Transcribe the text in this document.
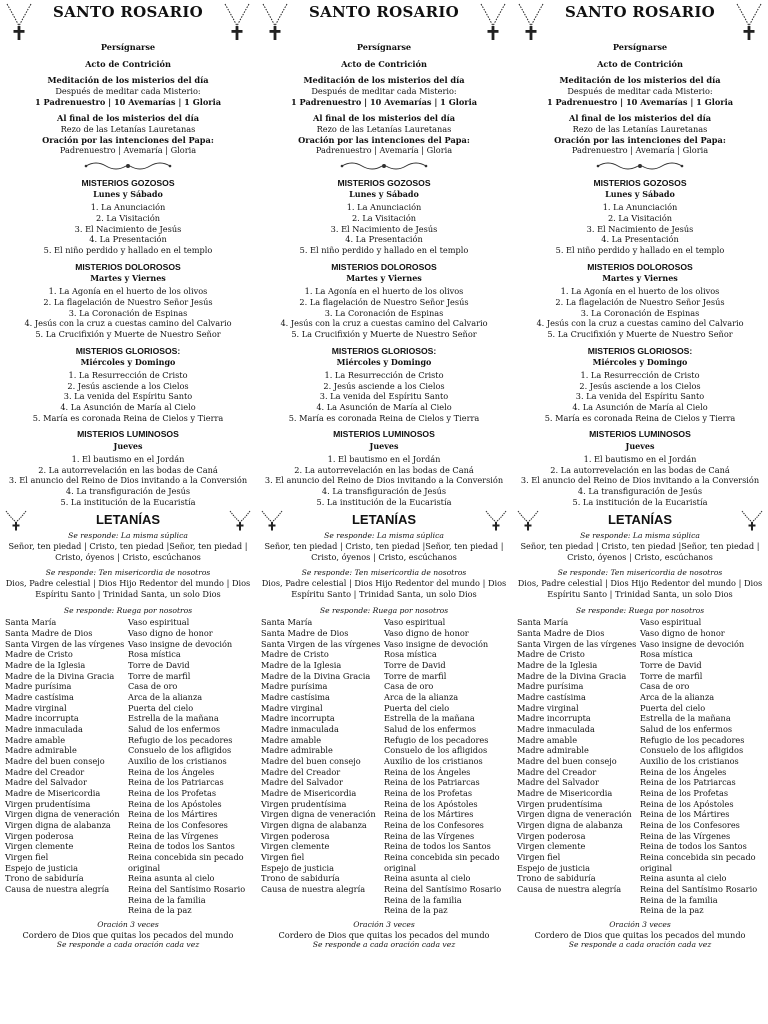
SANTO ROSARIO
Persígnarse
Acto de Contrición
Meditación de los misterios del día
Después de meditar cada Misterio:
1 Padrenuestro | 10 Avemarías | 1 Gloria
Al final de los misterios del día
Rezo de las Letanías Lauretanas
Oración por las intenciones del Papa:
Padrenuestro | Avemaría | Gloria
MISTERIOS GOZOSOS
Lunes y Sábado
1. La Anunciación
2. La Visitación
3. El Nacimiento de Jesús
4. La Presentación
5. El niño perdido y hallado en el templo
MISTERIOS DOLOROSOS
Martes y Viernes
1. La Agonía en el huerto de los olivos
2. La flagelación de Nuestro Señor Jesús
3. La Coronación de Espinas
4. Jesús con la cruz a cuestas camino del Calvario
5. La Crucifixión y Muerte de Nuestro Señor
MISTERIOS GLORIOSOS:
Miércoles y Domingo
1. La Resurrección de Cristo
2. Jesús asciende a los Cielos
3. La venida del Espíritu Santo
4. La Asunción de María al Cielo
5. María es coronada Reina de Cielos y Tierra
MISTERIOS LUMINOSOS
Jueves
1. El bautismo en el Jordán
2. La autorrevelación en las bodas de Caná
3. El anuncio del Reino de Dios invitando a la Conversión
4. La transfiguración de Jesús
5. La institución de la Eucaristía
LETANÍAS
Se responde: La misma súplica
Señor, ten piedad | Cristo, ten piedad |Señor, ten piedad | Cristo, óyenos | Cristo, escúchanos
Se responde: Ten misericordia de nosotros
Dios, Padre celestial | Dios Hijo Redentor del mundo | Dios Espíritu Santo | Trinidad Santa, un solo Dios
Se responde: Ruega por nosotros
Santa María
Santa Madre de Dios
Santa Virgen de las vírgenes
Madre de Cristo
Madre de la Iglesia
Madre de la Divina Gracia
Madre purísima
Madre castísima
Madre virginal
Madre incorrupta
Madre inmaculada
Madre amable
Madre admirable
Madre del buen consejo
Madre del Creador
Madre del Salvador
Madre de Misericordia
Virgen prudentísima
Virgen digna de veneración
Virgen digna de alabanza
Virgen poderosa
Virgen clemente
Virgen fiel
Espejo de justicia
Trono de sabiduría
Causa de nuestra alegría
Vaso espiritual
Vaso digno de honor
Vaso insigne de devoción
Rosa mística
Torre de David
Torre de marfil
Casa de oro
Arca de la alianza
Puerta del cielo
Estrella de la mañana
Salud de los enfermos
Refugio de los pecadores
Consuelo de los afligidos
Auxilio de los cristianos
Reina de los Ángeles
Reina de los Patriarcas
Reina de los Profetas
Reina de los Apóstoles
Reina de los Mártires
Reina de los Confesores
Reina de las Vírgenes
Reina de todos los Santos
Reina concebida sin pecado original
Reina asunta al cielo
Reina del Santísimo Rosario
Reina de la familia
Reina de la paz
Oración 3 veces
Cordero de Dios que quitas los pecados del mundo
Se responde a cada oración cada vez
SANTO ROSARIO
Persígnarse
Acto de Contrición
Meditación de los misterios del día
Después de meditar cada Misterio:
1 Padrenuestro | 10 Avemarías | 1 Gloria
Al final de los misterios del día
Rezo de las Letanías Lauretanas
Oración por las intenciones del Papa:
Padrenuestro | Avemaría | Gloria
MISTERIOS GOZOSOS
Lunes y Sábado
1. La Anunciación
2. La Visitación
3. El Nacimiento de Jesús
4. La Presentación
5. El niño perdido y hallado en el templo
MISTERIOS DOLOROSOS
Martes y Viernes
1. La Agonía en el huerto de los olivos
2. La flagelación de Nuestro Señor Jesús
3. La Coronación de Espinas
4. Jesús con la cruz a cuestas camino del Calvario
5. La Crucifixión y Muerte de Nuestro Señor
MISTERIOS GLORIOSOS:
Miércoles y Domingo
1. La Resurrección de Cristo
2. Jesús asciende a los Cielos
3. La venida del Espíritu Santo
4. La Asunción de María al Cielo
5. María es coronada Reina de Cielos y Tierra
MISTERIOS LUMINOSOS
Jueves
1. El bautismo en el Jordán
2. La autorrevelación en las bodas de Caná
3. El anuncio del Reino de Dios invitando a la Conversión
4. La transfiguración de Jesús
5. La institución de la Eucaristía
LETANÍAS
Se responde: La misma súplica
Señor, ten piedad | Cristo, ten piedad |Señor, ten piedad | Cristo, óyenos | Cristo, escúchanos
Se responde: Ten misericordia de nosotros
Dios, Padre celestial | Dios Hijo Redentor del mundo | Dios Espíritu Santo | Trinidad Santa, un solo Dios
Se responde: Ruega por nosotros
Santa María
Santa Madre de Dios
Santa Virgen de las vírgenes
Madre de Cristo
Madre de la Iglesia
Madre de la Divina Gracia
Madre purísima
Madre castísima
Madre virginal
Madre incorrupta
Madre inmaculada
Madre amable
Madre admirable
Madre del buen consejo
Madre del Creador
Madre del Salvador
Madre de Misericordia
Virgen prudentísima
Virgen digna de veneración
Virgen digna de alabanza
Virgen poderosa
Virgen clemente
Virgen fiel
Espejo de justicia
Trono de sabiduría
Causa de nuestra alegría
Vaso espiritual
Vaso digno de honor
Vaso insigne de devoción
Rosa mística
Torre de David
Torre de marfil
Casa de oro
Arca de la alianza
Puerta del cielo
Estrella de la mañana
Salud de los enfermos
Refugio de los pecadores
Consuelo de los afligidos
Auxilio de los cristianos
Reina de los Ángeles
Reina de los Patriarcas
Reina de los Profetas
Reina de los Apóstoles
Reina de los Mártires
Reina de los Confesores
Reina de las Vírgenes
Reina de todos los Santos
Reina concebida sin pecado original
Reina asunta al cielo
Reina del Santísimo Rosario
Reina de la familia
Reina de la paz
Oración 3 veces
Cordero de Dios que quitas los pecados del mundo
Se responde a cada oración cada vez
SANTO ROSARIO
Persígnarse
Acto de Contrición
Meditación de los misterios del día
Después de meditar cada Misterio:
1 Padrenuestro | 10 Avemarías | 1 Gloria
Al final de los misterios del día
Rezo de las Letanías Lauretanas
Oración por las intenciones del Papa:
Padrenuestro | Avemaría | Gloria
MISTERIOS GOZOSOS
Lunes y Sábado
1. La Anunciación
2. La Visitación
3. El Nacimiento de Jesús
4. La Presentación
5. El niño perdido y hallado en el templo
MISTERIOS DOLOROSOS
Martes y Viernes
1. La Agonía en el huerto de los olivos
2. La flagelación de Nuestro Señor Jesús
3. La Coronación de Espinas
4. Jesús con la cruz a cuestas camino del Calvario
5. La Crucifixión y Muerte de Nuestro Señor
MISTERIOS GLORIOSOS:
Miércoles y Domingo
1. La Resurrección de Cristo
2. Jesús asciende a los Cielos
3. La venida del Espíritu Santo
4. La Asunción de María al Cielo
5. María es coronada Reina de Cielos y Tierra
MISTERIOS LUMINOSOS
Jueves
1. El bautismo en el Jordán
2. La autorrevelación en las bodas de Caná
3. El anuncio del Reino de Dios invitando a la Conversión
4. La transfiguración de Jesús
5. La institución de la Eucaristía
LETANÍAS
Se responde: La misma súplica
Señor, ten piedad | Cristo, ten piedad |Señor, ten piedad | Cristo, óyenos | Cristo, escúchanos
Se responde: Ten misericordia de nosotros
Dios, Padre celestial | Dios Hijo Redentor del mundo | Dios Espíritu Santo | Trinidad Santa, un solo Dios
Se responde: Ruega por nosotros
Santa María
Santa Madre de Dios
Santa Virgen de las vírgenes
Madre de Cristo
Madre de la Iglesia
Madre de la Divina Gracia
Madre purísima
Madre castísima
Madre virginal
Madre incorrupta
Madre inmaculada
Madre amable
Madre admirable
Madre del buen consejo
Madre del Creador
Madre del Salvador
Madre de Misericordia
Virgen prudentísima
Virgen digna de veneración
Virgen digna de alabanza
Virgen poderosa
Virgen clemente
Virgen fiel
Espejo de justicia
Trono de sabiduría
Causa de nuestra alegría
Vaso espiritual
Vaso digno de honor
Vaso insigne de devoción
Rosa mística
Torre de David
Torre de marfil
Casa de oro
Arca de la alianza
Puerta del cielo
Estrella de la mañana
Salud de los enfermos
Refugio de los pecadores
Consuelo de los afligidos
Auxilio de los cristianos
Reina de los Ángeles
Reina de los Patriarcas
Reina de los Profetas
Reina de los Apóstoles
Reina de los Mártires
Reina de los Confesores
Reina de las Vírgenes
Reina de todos los Santos
Reina concebida sin pecado original
Reina asunta al cielo
Reina del Santísimo Rosario
Reina de la familia
Reina de la paz
Oración 3 veces
Cordero de Dios que quitas los pecados del mundo
Se responde a cada oración cada vez
